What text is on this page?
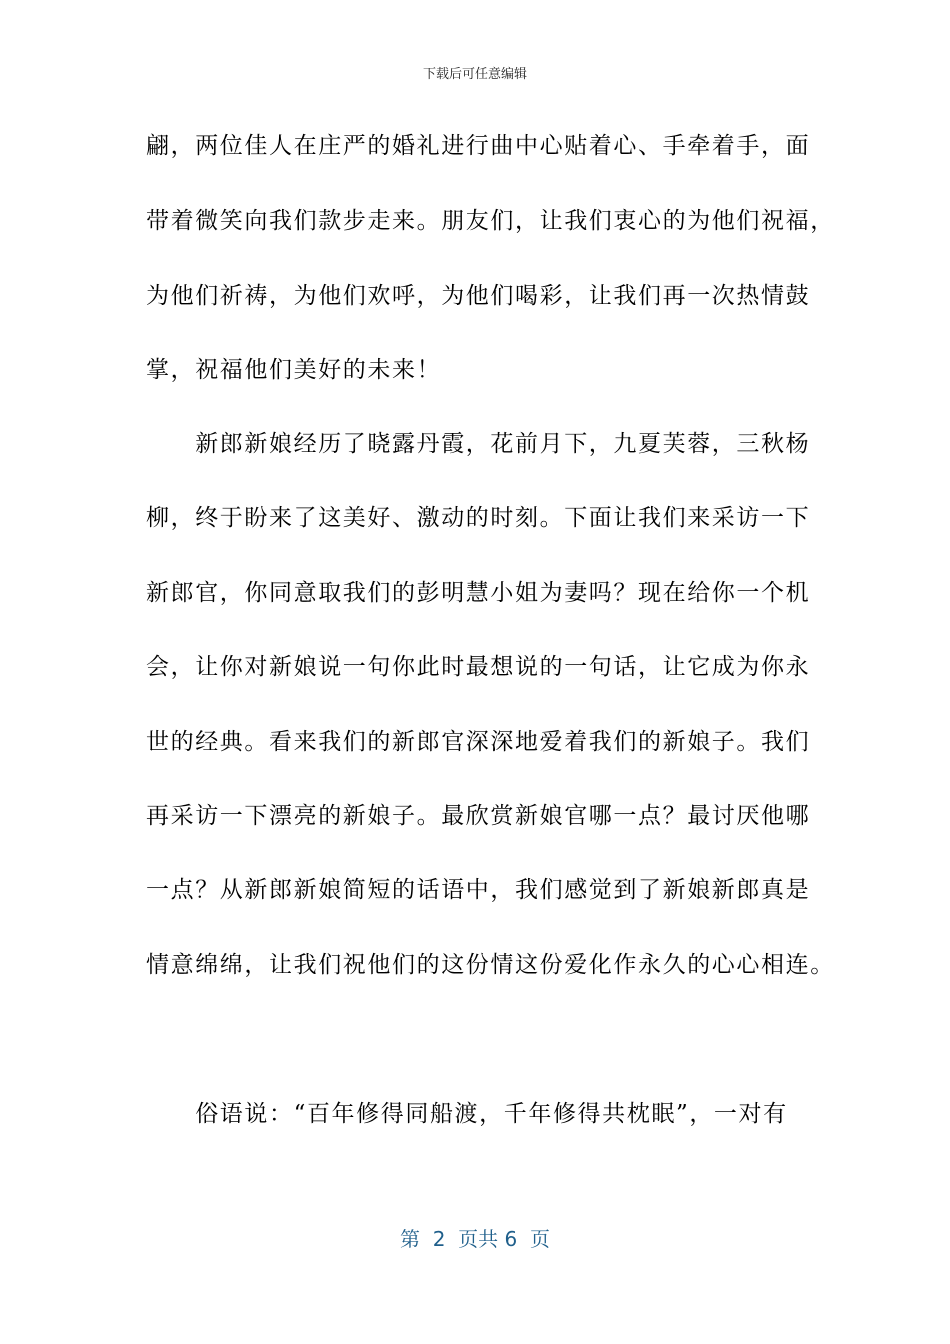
下载后可任意编辑
翩，两位佳人在庄严的婚礼进行曲中心贴着心、手牵着手，面
带着微笑向我们款步走来。朋友们，让我们衷心的为他们祝福，
为他们祈祷，为他们欢呼，为他们喝彩，让我们再一次热情鼓
掌，祝福他们美好的未来！
　　新郎新娘经历了晓露丹霞，花前月下，九夏芙蓉，三秋杨
柳，终于盼来了这美好、激动的时刻。下面让我们来采访一下
新郎官，你同意取我们的彭明慧小姐为妻吗？现在给你一个机
会，让你对新娘说一句你此时最想说的一句话，让它成为你永
世的经典。看来我们的新郎官深深地爱着我们的新娘子。我们
再采访一下漂亮的新娘子。最欣赏新娘官哪一点？最讨厌他哪
一点？从新郎新娘简短的话语中，我们感觉到了新娘新郎真是
情意绵绵，让我们祝他们的这份情这份爱化作永久的心心相连。
　　俗语说：“百年修得同船渡，千年修得共枕眠”，一对有
第  2  页共 6  页
